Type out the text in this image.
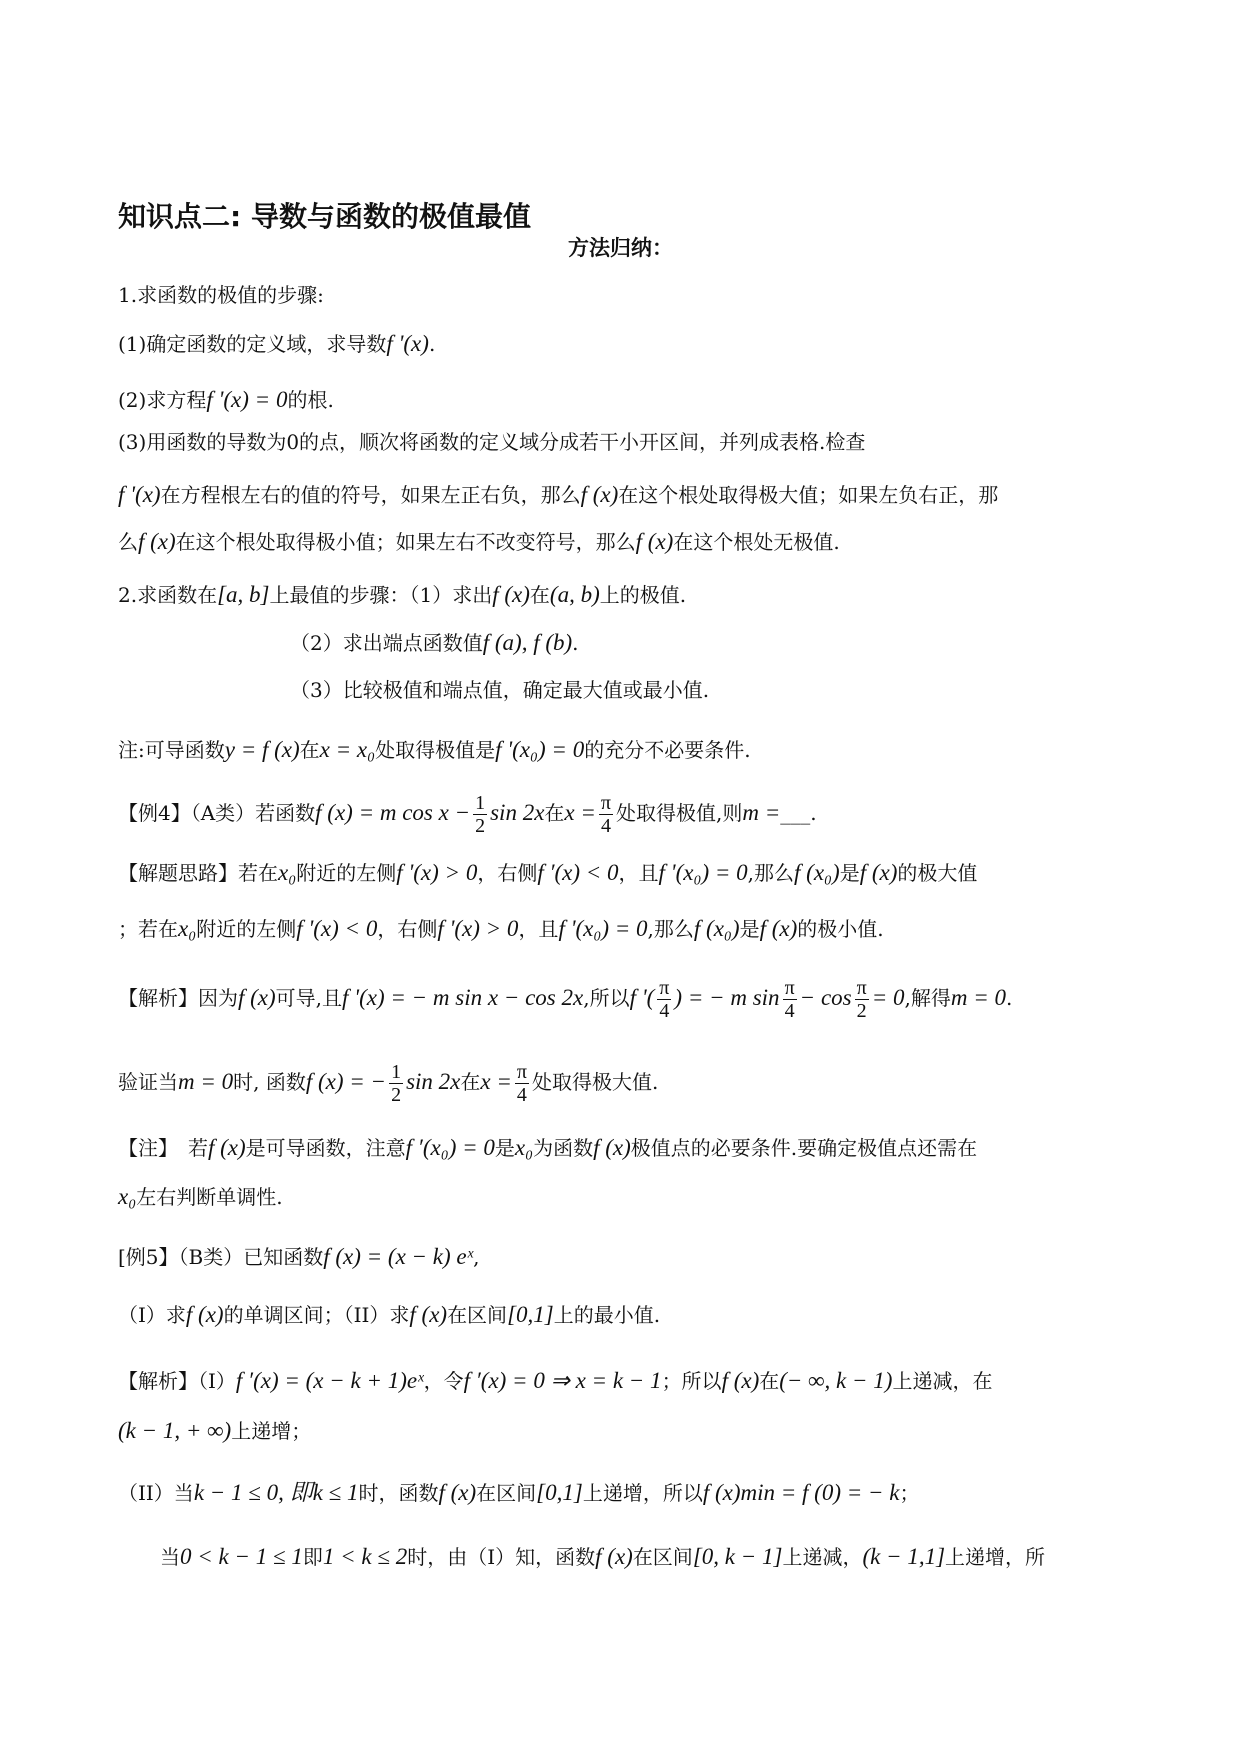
知识点二: 导数与函数的极值最值
方法归纳：
1.求函数的极值的步骤:
(1)确定函数的定义域，求导数f '(x).
(2)求方程f '(x) = 0的根.
(3)用函数的导数为0的点，顺次将函数的定义域分成若干小开区间，并列成表格.检查
f '(x)在方程根左右的值的符号，如果左正右负，那么f (x)在这个根处取得极大值；如果左负右正，那
么f (x)在这个根处取得极小值；如果左右不改变符号，那么f (x)在这个根处无极值.
2.求函数在[a, b]上最值的步骤：（1）求出f (x)在(a, b)上的极值.
（2）求出端点函数值f (a), f (b).
（3）比较极值和端点值，确定最大值或最小值.
注:可导函数y = f (x)在x = x₀处取得极值是f '(x₀) = 0的充分不必要条件.
【例4】（A类）若函数f (x) = m $\cos x - \frac{1}{2}$ sin 2x在$x = \frac{\pi}{4}$ 处取得极值,则m =___.
【解题思路】若在x₀附近的左侧f '(x) > 0，右侧f ′(x) < 0，且f '(x₀) = 0,那么f (x₀)是f (x)的极大值
；若在x₀附近的左侧f '(x) < 0，右侧f '(x) > 0，且f '(x₀) = 0,那么f (x₀)是f (x)的极小值.
【解析】因为f (x)可导,且f '(x) = − m sin x − cos 2x,所以f '( $\frac{\pi}{4}$ ) = − m $\sin \frac{\pi}{4} - \cos \frac{\pi}{2} = 0$,解得m = 0.
验证当m = 0时, 函数f (x) = − $\frac{1}{2}$ sin 2x在$x = \frac{\pi}{4}$ 处取得极大值.
【注】　若f (x)是可导函数，注意f ′(x₀) = 0是x₀为函数f (x)极值点的必要条件.要确定极值点还需在
x₀左右判断单调性.
[例5】（B类）已知函数f (x) = (x − k) eˣ,
（I）求f (x)的单调区间；（II）求f (x)在区间[0,1]上的最小值.
【解析】（I）f ′(x) = (x − k + 1)eˣ，令f ′(x) = 0 ⇒ x = k − 1；所以f (x)在(− ∞, k − 1)上递减，在
(k − 1, + ∞)上递增；
（II）当k − 1 ≤ 0, 即k ≤ 1时，函数f (x)在区间[0,1]上递增，所以f (x)min = f (0) = − k；
当0 < k − 1 ≤ 1即1 < k ≤ 2时，由（I）知，函数f (x)在区间[0, k − 1]上递减，(k − 1,1]上递增，所
